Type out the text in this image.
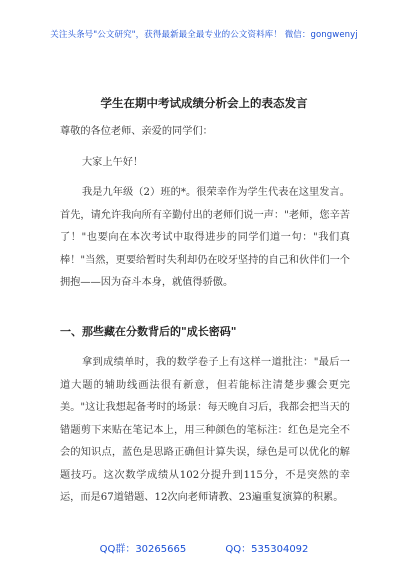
关注头条号"公文研究"，获得最新最全最专业的公文资料库！ 微信：gongwenyj
学生在期中考试成绩分析会上的表态发言
尊敬的各位老师、亲爱的同学们：
大家上午好！
我是九年级（2）班的*。很荣幸作为学生代表在这里发言。首先，请允许我向所有辛勤付出的老师们说一声："老师，您辛苦了！"也要向在本次考试中取得进步的同学们道一句："我们真棒！"当然，更要给暂时失利却仍在咬牙坚持的自己和伙伴们一个拥抱——因为奋斗本身，就值得骄傲。
一、那些藏在分数背后的"成长密码"
拿到成绩单时，我的数学卷子上有这样一道批注："最后一道大题的辅助线画法很有新意，但若能标注清楚步骤会更完美。"这让我想起备考时的场景：每天晚自习后，我都会把当天的错题剪下来贴在笔记本上，用三种颜色的笔标注：红色是完全不会的知识点，蓝色是思路正确但计算失误，绿色是可以优化的解题技巧。这次数学成绩从102分提升到115分，不是突然的幸运，而是67道错题、12次向老师请教、23遍重复演算的积累。
QQ群：30265665	QQ：535304092
